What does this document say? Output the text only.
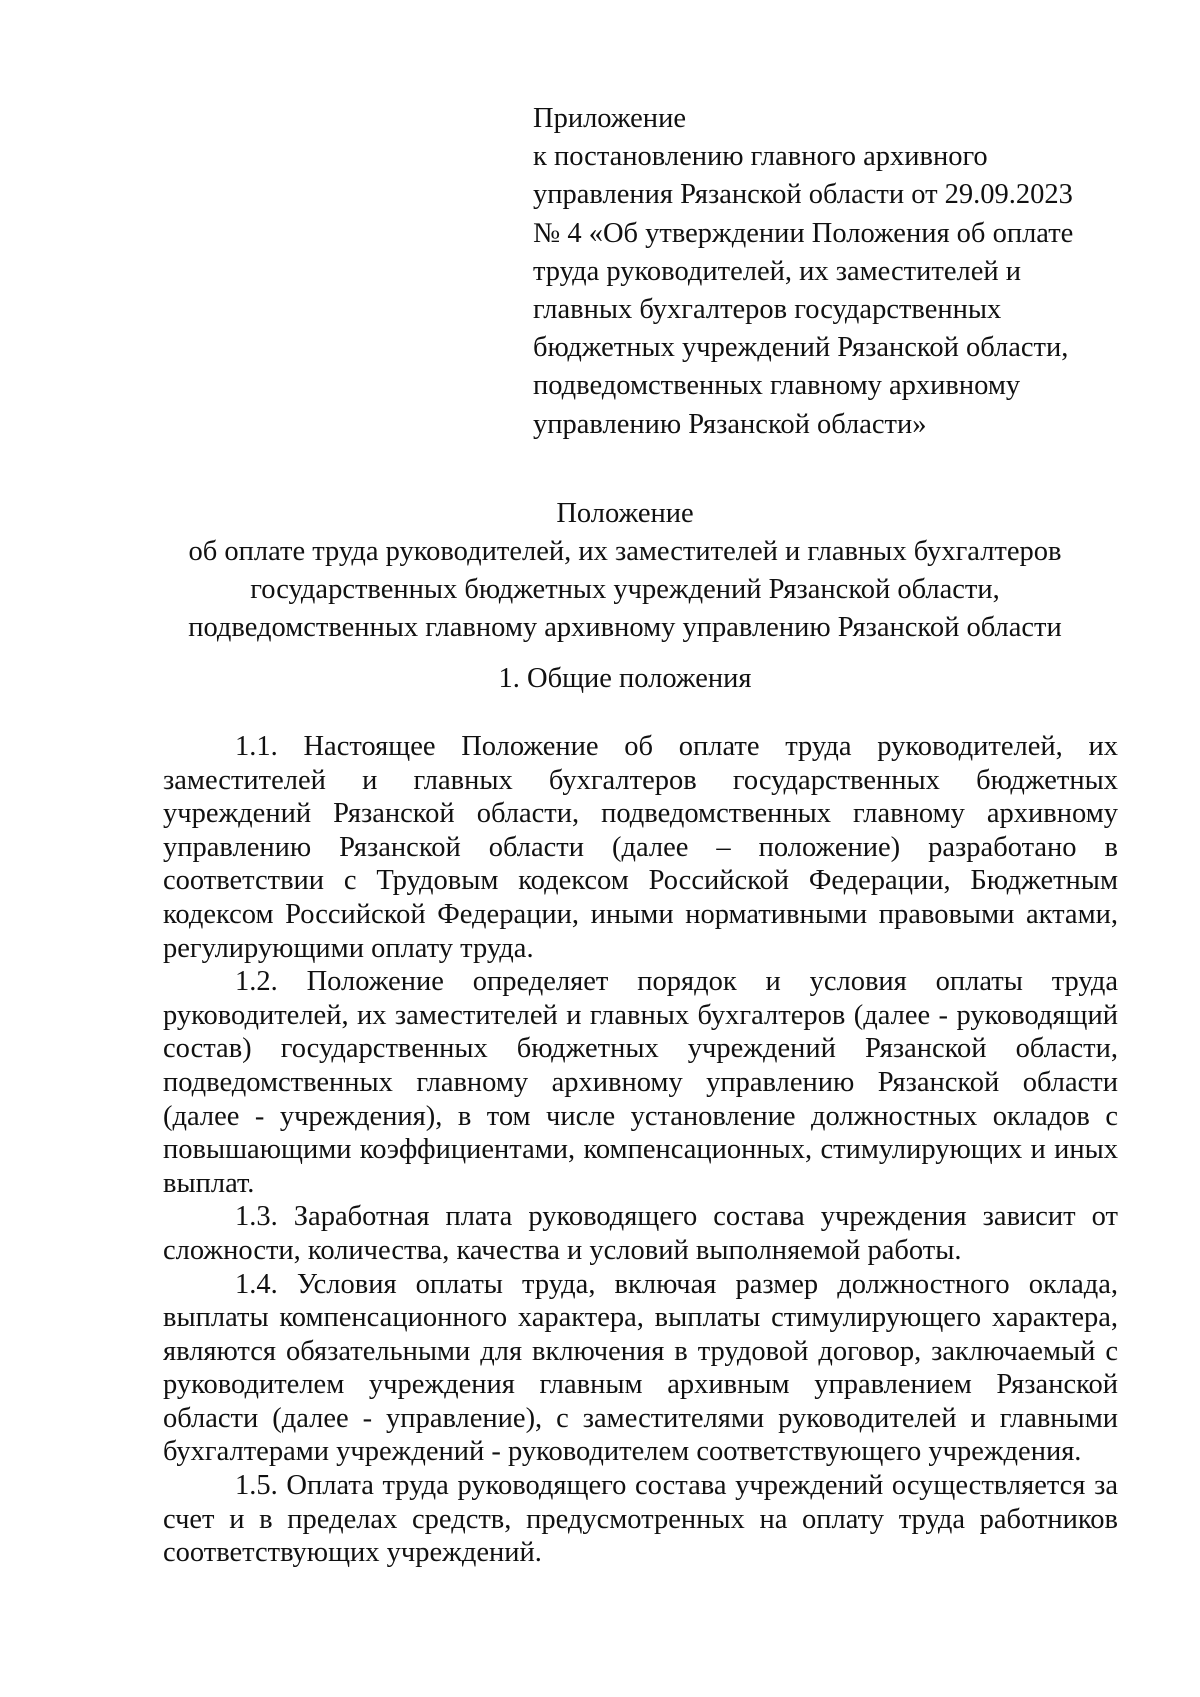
Приложение
к постановлению главного архивного
управления Рязанской области от 29.09.2023
№ 4 «Об утверждении Положения об оплате
труда руководителей, их заместителей и
главных бухгалтеров государственных
бюджетных учреждений Рязанской области,
подведомственных главному архивному
управлению Рязанской области»
Положение
об оплате труда руководителей, их заместителей и главных бухгалтеров
государственных бюджетных учреждений Рязанской области,
подведомственных главному архивному управлению Рязанской области
1. Общие положения

1.1. Настоящее Положение об оплате труда руководителей, их заместителей и главных бухгалтеров государственных бюджетных учреждений Рязанской области, подведомственных главному архивному управлению Рязанской области (далее – положение) разработано в соответствии с Трудовым кодексом Российской Федерации, Бюджетным кодексом Российской Федерации, иными нормативными правовыми актами, регулирующими оплату труда.

1.2. Положение определяет порядок и условия оплаты труда руководителей, их заместителей и главных бухгалтеров (далее - руководящий состав) государственных бюджетных учреждений Рязанской области, подведомственных главному архивному управлению Рязанской области (далее - учреждения), в том числе установление должностных окладов с повышающими коэффициентами, компенсационных, стимулирующих и иных выплат.

1.3. Заработная плата руководящего состава учреждения зависит от сложности, количества, качества и условий выполняемой работы.

1.4. Условия оплаты труда, включая размер должностного оклада, выплаты компенсационного характера, выплаты стимулирующего характера, являются обязательными для включения в трудовой договор, заключаемый с руководителем учреждения главным архивным управлением Рязанской области (далее - управление), с заместителями руководителей и главными бухгалтерами учреждений - руководителем соответствующего учреждения.

1.5. Оплата труда руководящего состава учреждений осуществляется за счет и в пределах средств, предусмотренных на оплату труда работников соответствующих учреждений.
